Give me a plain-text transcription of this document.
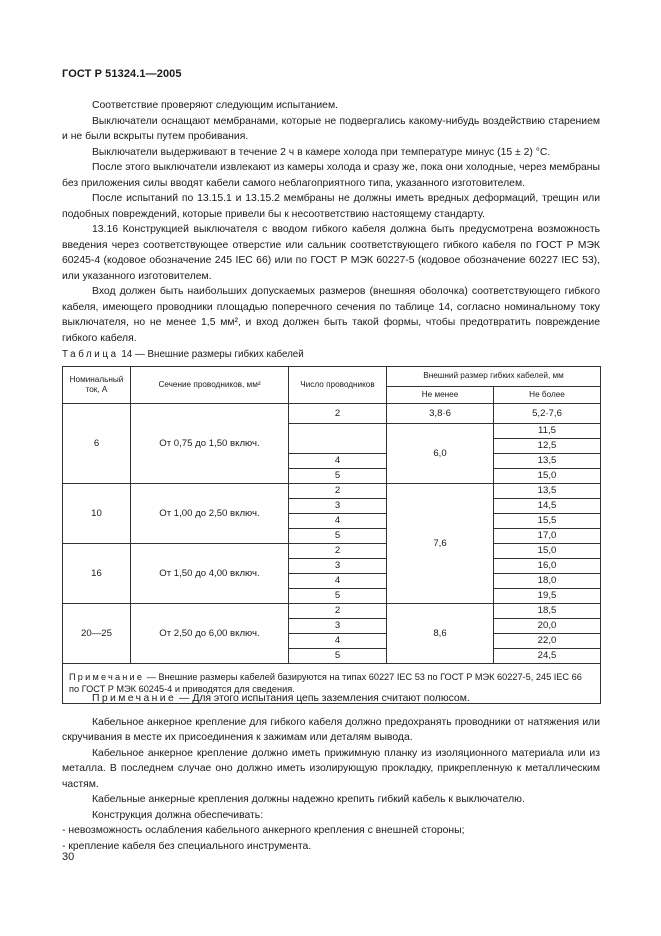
ГОСТ Р 51324.1—2005

Соответствие проверяют следующим испытанием.

Выключатели оснащают мембранами, которые не подвергались какому-нибудь воздействию старением и не были вскрыты путем пробивания.

Выключатели выдерживают в течение 2 ч в камере холода при температуре минус (15 ± 2) °С.

После этого выключатели извлекают из камеры холода и сразу же, пока они холодные, через мембраны без приложения силы вводят кабели самого неблагоприятного типа, указанного изготовителем.

После испытаний по 13.15.1 и 13.15.2 мембраны не должны иметь вредных деформаций, трещин или подобных повреждений, которые привели бы к несоответствию настоящему стандарту.

13.16 Конструкцией выключателя с вводом гибкого кабеля должна быть предусмотрена возможность введения через соответствующее отверстие или сальник соответствующего гибкого кабеля по ГОСТ Р МЭК 60245-4 (кодовое обозначение 245 IEC 66) или по ГОСТ Р МЭК 60227-5 (кодовое обозначение 60227 IEC 53), или указанного изготовителем.

Вход должен быть наибольших допускаемых размеров (внешняя оболочка) соответствующего гибкого кабеля, имеющего проводники площадью поперечного сечения по таблице 14, согласно номинальному току выключателя, но не менее 1,5 мм², и вход должен быть такой формы, чтобы предотвратить повреждение гибкого кабеля.

Таблица 14 — Внешние размеры гибких кабелей
Номинальный ток, А	Сечение проводников, мм²	Число проводников	Внешний размер гибких кабелей, мм	
			Не менее	Не более
6	От 0,75 до 1,50 включ.	2	3,8·6	5,2·7,6

			6,0	11,5
				12,5
		4		13,5
		5		15,0
10	От 1,00 до 2,50 включ.	2	7,6	13,5
		3		14,5
		4		15,5
		5		17,0
16	От 1,50 до 4,00 включ.	2		15,0
		3		16,0
		4		18,0
		5		19,5
20—25	От 2,50 до 6,00 включ.	2	8,6	18,5
		3		20,0
		4		22,0
		5		24,5
Примечание — Внешние размеры кабелей базируются на типах 60227 IEC 53 по ГОСТ Р МЭК 60227-5, 245 IEC 66 по ГОСТ Р МЭК 60245-4 и приводятся для сведения.				

Примечание — Для этого испытания цепь заземления считают полюсом.

Кабельное анкерное крепление для гибкого кабеля должно предохранять проводники от натяжения или скручивания в месте их присоединения к зажимам или деталям вывода.

Кабельное анкерное крепление должно иметь прижимную планку из изоляционного материала или из металла. В последнем случае оно должно иметь изолирующую прокладку, прикрепленную к металлическим частям.

Кабельные анкерные крепления должны надежно крепить гибкий кабель к выключателю.

Конструкция должна обеспечивать:

- невозможность ослабления кабельного анкерного крепления с внешней стороны;

- крепление кабеля без специального инструмента.

30
